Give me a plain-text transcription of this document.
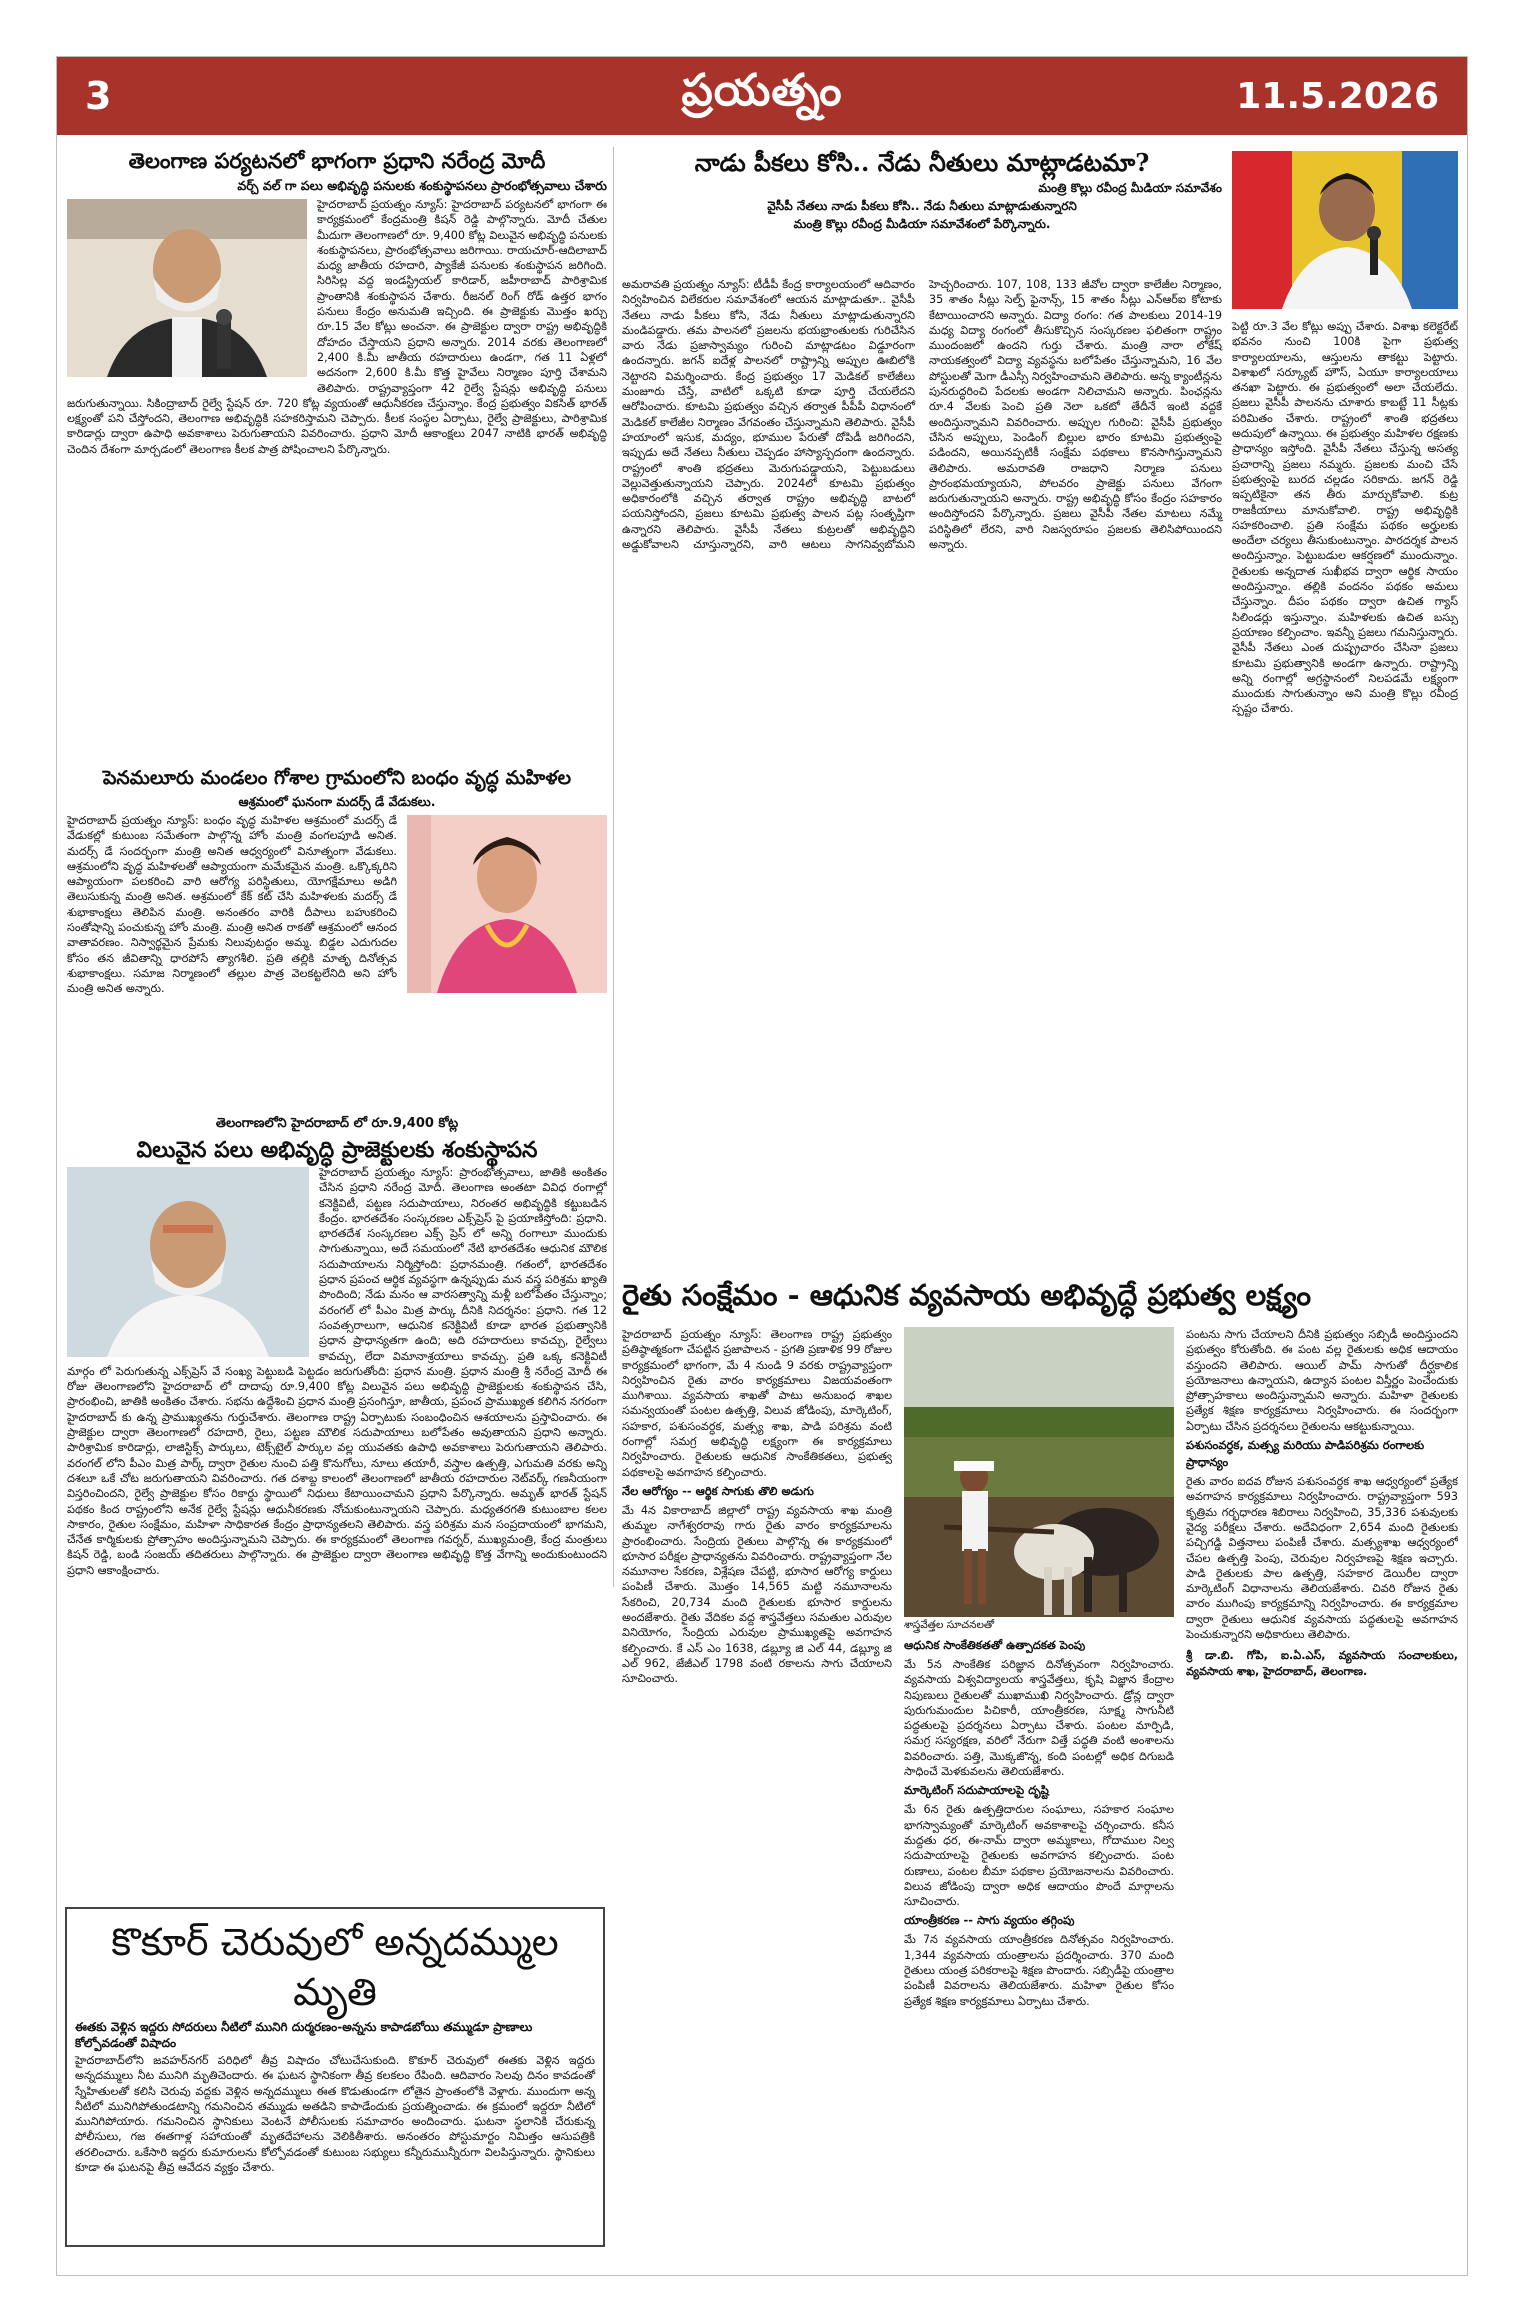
3	ప్రయత్నం	11.5.2026
తెలంగాణ పర్యటనలో భాగంగా ప్రధాని నరేంద్ర మోదీ
వర్చ్ వల్ గా పలు అభివృద్ధి పనులకు శంకుస్థాపనలు ప్రారంభోత్సవాలు చేశారు

హైదరాబాద్ ప్రయత్నం న్యూస్: హైదరాబాద్ పర్యటనలో భాగంగా ఈ కార్యక్రమంలో కేంద్రమంత్రి కిషన్ రెడ్డి పాల్గొన్నారు. మోదీ చేతుల మీదుగా తెలంగాణలో రూ. 9,400 కోట్ల విలువైన అభివృద్ధి పనులకు శంకుస్థాపనలు, ప్రారంభోత్సవాలు జరిగాయి. రాయచూర్‌-ఆదిలాబాద్‌ మధ్య జాతీయ రహదారి, ప్యాకేజీ పనులకు శంకుస్థాపన జరిగింది. సిరిసిల్ల వద్ద ఇండస్ట్రియల్ కారిడార్, జహీరాబాద్ పారిశ్రామిక ప్రాంతానికి శంకుస్థాపన చేశారు. రీజనల్ రింగ్ రోడ్ ఉత్తర భాగం పనులు కేంద్రం అనుమతి ఇచ్చింది. ఈ ప్రాజెక్టుకు మొత్తం ఖర్చు రూ.15 వేల కోట్లు అంచనా. ఈ ప్రాజెక్టుల ద్వారా రాష్ట్ర అభివృద్ధికి దోహదం చేస్తాయని ప్రధాని అన్నారు. 2014 వరకు తెలంగాణలో 2,400 కి.మీ జాతీయ రహదారులు ఉండగా, గత 11 ఏళ్లలో అదనంగా 2,600 కి.మీ కొత్త హైవేలు నిర్మాణం పూర్తి చేశామని తెలిపారు. రాష్ట్రవ్యాప్తంగా 42 రైల్వే స్టేషన్లు అభివృద్ధి పనులు జరుగుతున్నాయి. సికింద్రాబాద్ రైల్వే స్టేషన్ రూ. 720 కోట్ల వ్యయంతో ఆధునీకరణ చేస్తున్నాం. కేంద్ర ప్రభుత్వం వికసిత్ భారత్ లక్ష్యంతో పని చేస్తోందని, తెలంగాణ అభివృద్ధికి సహకరిస్తామని చెప్పారు. కీలక సంస్థల ఏర్పాటు, రైల్వే ప్రాజెక్టులు, పారిశ్రామిక కారిడార్లు ద్వారా ఉపాధి అవకాశాలు పెరుగుతాయని వివరించారు. ప్రధాని మోదీ ఆకాంక్షలు 2047 నాటికి భారత్ అభివృద్ధి చెందిన దేశంగా మార్చడంలో తెలంగాణ కీలక పాత్ర పోషించాలని పేర్కొన్నారు.

పెనమలూరు మండలం గోశాల గ్రామంలోని బంధం వృద్ధ మహిళల
ఆశ్రమంలో ఘనంగా మదర్స్ డే వేడుకలు.

హైదరాబాద్ ప్రయత్నం న్యూస్: బంధం వృద్ధ మహిళల ఆశ్రమంలో మదర్స్ డే వేడుకల్లో కుటుంబ సమేతంగా పాల్గొన్న హోం మంత్రి వంగలపూడి అనిత. మదర్స్ డే సందర్భంగా మంత్రి అనిత ఆధ్వర్యంలో వినూత్నంగా వేడుకలు. ఆశ్రమంలోని వృద్ధ మహిళలతో ఆప్యాయంగా మమేకమైన మంత్రి. ఒక్కొక్కరిని ఆప్యాయంగా పలకరించి వారి ఆరోగ్య పరిస్థితులు, యోగక్షేమాలు అడిగి తెలుసుకున్న మంత్రి అనిత. ఆశ్రమంలో కేక్ కట్ చేసి మహిళలకు మదర్స్ డే శుభాకాంక్షలు తెలిపిన మంత్రి. అనంతరం వారికి దీపాలు బహుకరించి సంతోషాన్ని పంచుకున్న హోం మంత్రి. మంత్రి అనిత రాకతో ఆశ్రమంలో ఆనంద వాతావరణం. నిస్వార్థమైన ప్రేమకు నిలువుటద్దం అమ్మ. బిడ్డల ఎదుగుదల కోసం తన జీవితాన్ని ధారపోసే త్యాగశీలి. ప్రతి తల్లికి మాతృ దినోత్సవ శుభాకాంక్షలు. సమాజ నిర్మాణంలో తల్లుల పాత్ర వెలకట్టలేనిది అని హోం మంత్రి అనిత అన్నారు.

తెలంగాణలోని హైదరాబాద్ లో రూ.9,400 కోట్ల
విలువైన పలు అభివృద్ధి ప్రాజెక్టులకు శంకుస్థాపన

హైదరాబాద్ ప్రయత్నం న్యూస్: ప్రారంభోత్సవాలు, జాతికి అంకితం చేసిన ప్రధాని నరేంద్ర మోదీ. తెలంగాణ అంతటా వివిధ రంగాల్లో కనెక్టివిటీ, పట్టణ సదుపాయాలు, నిరంతర అభివృద్ధికి కట్టుబడిన కేంద్రం. భారతదేశం సంస్కరణల ఎక్స్‌ప్రెస్ పై ప్రయాణిస్తోంది: ప్రధాని. భారతదేశ సంస్కరణల ఎక్స్ ప్రెస్ లో అన్ని రంగాలూ ముందుకు సాగుతున్నాయి, అదే సమయంలో నేటి భారతదేశం ఆధునిక మౌలిక సదుపాయాలను నిర్మిస్తోంది: ప్రధానమంత్రి. గతంలో, భారతదేశం ప్రధాన ప్రపంచ ఆర్థిక వ్యవస్థగా ఉన్నప్పుడు మన వస్త్ర పరిశ్రమ ఖ్యాతి పొందింది; నేడు మనం ఆ వారసత్వాన్ని మళ్లీ బలోపేతం చేస్తున్నాం; వరంగల్ లో పీఎం మిత్ర పార్కు దీనికి నిదర్శనం: ప్రధాని. గత 12 సంవత్సరాలుగా, ఆధునిక కనెక్టివిటీ కూడా భారత ప్రభుత్వానికి ప్రధాన ప్రాధాన్యతగా ఉంది; అది రహదారులు కావచ్చు, రైల్వేలు కావచ్చు, లేదా విమానాశ్రయాలు కావచ్చు. ప్రతి ఒక్క కనెక్టివిటీ మార్గం లో పెరుగుతున్న ఎక్స్‌ప్రెస్ వే సంఖ్య పెట్టుబడి పెట్టడం జరుగుతోంది: ప్రధాన మంత్రి. ప్రధాన మంత్రి శ్రీ నరేంద్ర మోదీ ఈ రోజు తెలంగాణలోని హైదరాబాద్ లో దాదాపు రూ.9,400 కోట్ల విలువైన పలు అభివృద్ధి ప్రాజెక్టులకు శంకుస్థాపన చేసి, ప్రారంభించి, జాతికి అంకితం చేశారు. సభను ఉద్దేశించి ప్రధాన మంత్రి ప్రసంగిస్తూ, జాతీయ, ప్రపంచ ప్రాముఖ్యత కలిగిన నగరంగా హైదరాబాద్ కు ఉన్న ప్రాముఖ్యతను గుర్తుచేశారు. తెలంగాణ రాష్ట్ర ఏర్పాటుకు సంబంధించిన ఆశయాలను ప్రస్తావించారు. ఈ ప్రాజెక్టుల ద్వారా తెలంగాణలో రహదారి, రైలు, పట్టణ మౌలిక సదుపాయాలు బలోపేతం అవుతాయని ప్రధాని అన్నారు. పారిశ్రామిక కారిడార్లు, లాజిస్టిక్స్ పార్కులు, టెక్స్‌టైల్ పార్కుల వల్ల యువతకు ఉపాధి అవకాశాలు పెరుగుతాయని తెలిపారు. వరంగల్ లోని పీఎం మిత్ర పార్క్ ద్వారా రైతుల నుంచి పత్తి కొనుగోలు, నూలు తయారీ, వస్త్రాల ఉత్పత్తి, ఎగుమతి వరకు అన్ని దశలూ ఒకే చోట జరుగుతాయని వివరించారు. గత దశాబ్ద కాలంలో తెలంగాణలో జాతీయ రహదారుల నెట్‌వర్క్ గణనీయంగా విస్తరించిందని, రైల్వే ప్రాజెక్టుల కోసం రికార్డు స్థాయిలో నిధులు కేటాయించామని ప్రధాని పేర్కొన్నారు. అమృత్ భారత్ స్టేషన్ పథకం కింద రాష్ట్రంలోని అనేక రైల్వే స్టేషన్లు ఆధునీకరణకు నోచుకుంటున్నాయని చెప్పారు. మధ్యతరగతి కుటుంబాల కలల సాకారం, రైతుల సంక్షేమం, మహిళా సాధికారత కేంద్రం ప్రాధాన్యతలని తెలిపారు. వస్త్ర పరిశ్రమ మన సంప్రదాయంలో భాగమని, చేనేత కార్మికులకు ప్రోత్సాహం అందిస్తున్నామని చెప్పారు. ఈ కార్యక్రమంలో తెలంగాణ గవర్నర్, ముఖ్యమంత్రి, కేంద్ర మంత్రులు కిషన్ రెడ్డి, బండి సంజయ్ తదితరులు పాల్గొన్నారు. ఈ ప్రాజెక్టుల ద్వారా తెలంగాణ అభివృద్ధి కొత్త వేగాన్ని అందుకుంటుందని ప్రధాని ఆకాంక్షించారు.

నాడు పీకలు కోసి.. నేడు నీతులు మాట్లాడటమా?
మంత్రి కొల్లు రవీంద్ర మీడియా సమావేశం
వైసీపీ నేతలు నాడు పీకలు కోసి.. నేడు నీతులు మాట్లాడుతున్నారని
మంత్రి కొల్లు రవీంద్ర మీడియా సమావేశంలో పేర్కొన్నారు.

అమరావతి ప్రయత్నం న్యూస్: టీడీపీ కేంద్ర కార్యాలయంలో ఆదివారం నిర్వహించిన విలేకరుల సమావేశంలో ఆయన మాట్లాడుతూ.. వైసీపీ నేతలు నాడు పీకలు కోసి, నేడు నీతులు మాట్లాడుతున్నారని మండిపడ్డారు. తమ పాలనలో ప్రజలను భయభ్రాంతులకు గురిచేసిన వారు నేడు ప్రజాస్వామ్యం గురించి మాట్లాడటం విడ్డూరంగా ఉందన్నారు. జగన్ ఐదేళ్ల పాలనలో రాష్ట్రాన్ని అప్పుల ఊబిలోకి నెట్టారని విమర్శించారు. కేంద్ర ప్రభుత్వం 17 మెడికల్ కాలేజీలు మంజూరు చేస్తే, వాటిలో ఒక్కటి కూడా పూర్తి చేయలేదని ఆరోపించారు. కూటమి ప్రభుత్వం వచ్చిన తర్వాత పీపీపీ విధానంలో మెడికల్ కాలేజీల నిర్మాణం వేగవంతం చేస్తున్నామని తెలిపారు. వైసీపీ హయాంలో ఇసుక, మద్యం, భూముల పేరుతో దోపిడీ జరిగిందని, ఇప్పుడు అదే నేతలు నీతులు చెప్పడం హాస్యాస్పదంగా ఉందన్నారు. రాష్ట్రంలో శాంతి భద్రతలు మెరుగుపడ్డాయని, పెట్టుబడులు వెల్లువెత్తుతున్నాయని చెప్పారు. 2024లో కూటమి ప్రభుత్వం అధికారంలోకి వచ్చిన తర్వాత రాష్ట్రం అభివృద్ధి బాటలో పయనిస్తోందని, ప్రజలు కూటమి ప్రభుత్వ పాలన పట్ల సంతృప్తిగా ఉన్నారని తెలిపారు. వైసీపీ నేతలు కుట్రలతో అభివృద్ధిని అడ్డుకోవాలని చూస్తున్నారని, వారి ఆటలు సాగనివ్వబోమని హెచ్చరించారు. 107, 108, 133 జీవోల ద్వారా కాలేజీల నిర్మాణం, 35 శాతం సీట్లు సెల్ఫ్ ఫైనాన్స్, 15 శాతం సీట్లు ఎన్ఆర్ఐ కోటాకు కేటాయించారని అన్నారు. విద్యా రంగం: గత పాలకులు 2014-19 మధ్య విద్యా రంగంలో తీసుకొచ్చిన సంస్కరణల ఫలితంగా రాష్ట్రం ముందంజలో ఉందని గుర్తు చేశారు. మంత్రి నారా లోకేష్ నాయకత్వంలో విద్యా వ్యవస్థను బలోపేతం చేస్తున్నామని, 16 వేల పోస్టులతో మెగా డీఎస్సీ నిర్వహించామని తెలిపారు. అన్న క్యాంటీన్లను పునరుద్ధరించి పేదలకు అండగా నిలిచామని అన్నారు. పింఛన్లను రూ.4 వేలకు పెంచి ప్రతి నెలా ఒకటో తేదీనే ఇంటి వద్దకే అందిస్తున్నామని వివరించారు. అప్పుల గురించి: వైసీపీ ప్రభుత్వం చేసిన అప్పులు, పెండింగ్ బిల్లుల భారం కూటమి ప్రభుత్వంపై పడిందని, అయినప్పటికీ సంక్షేమ పథకాలు కొనసాగిస్తున్నామని తెలిపారు. అమరావతి రాజధాని నిర్మాణ పనులు ప్రారంభమయ్యాయని, పోలవరం ప్రాజెక్టు పనులు వేగంగా జరుగుతున్నాయని అన్నారు. రాష్ట్ర అభివృద్ధి కోసం కేంద్రం సహకారం అందిస్తోందని పేర్కొన్నారు. ప్రజలు వైసీపీ నేతల మాటలు నమ్మే పరిస్థితిలో లేరని, వారి నిజస్వరూపం ప్రజలకు తెలిసిపోయిందని అన్నారు.

పెట్టి రూ.3 వేల కోట్లు అప్పు చేశారు. విశాఖ కలెక్టరేట్ భవనం నుంచి 100కి పైగా ప్రభుత్వ కార్యాలయాలను, ఆస్తులను తాకట్టు పెట్టారు. విశాఖలో సర్క్యూట్ హౌస్, ఏయూ కార్యాలయాలు తనఖా పెట్టారు. ఈ ప్రభుత్వంలో అలా చేయలేదు. ప్రజలు వైసీపీ పాలనను చూశారు కాబట్టే 11 సీట్లకు పరిమితం చేశారు. రాష్ట్రంలో శాంతి భద్రతలు అదుపులో ఉన్నాయి. ఈ ప్రభుత్వం మహిళల రక్షణకు ప్రాధాన్యం ఇస్తోంది. వైసీపీ నేతలు చేస్తున్న అసత్య ప్రచారాన్ని ప్రజలు నమ్మరు. ప్రజలకు మంచి చేసే ప్రభుత్వంపై బురద చల్లడం సరికాదు. జగన్ రెడ్డి ఇప్పటికైనా తన తీరు మార్చుకోవాలి. కుట్ర రాజకీయాలు మానుకోవాలి. రాష్ట్ర అభివృద్ధికి సహకరించాలి. ప్రతి సంక్షేమ పథకం అర్హులకు అందేలా చర్యలు తీసుకుంటున్నాం. పారదర్శక పాలన అందిస్తున్నాం. పెట్టుబడుల ఆకర్షణలో ముందున్నాం. రైతులకు అన్నదాత సుఖీభవ ద్వారా ఆర్థిక సాయం అందిస్తున్నాం. తల్లికి వందనం పథకం అమలు చేస్తున్నాం. దీపం పథకం ద్వారా ఉచిత గ్యాస్ సిలిండర్లు ఇస్తున్నాం. మహిళలకు ఉచిత బస్సు ప్రయాణం కల్పించాం. ఇవన్నీ ప్రజలు గమనిస్తున్నారు. వైసీపీ నేతలు ఎంత దుష్ప్రచారం చేసినా ప్రజలు కూటమి ప్రభుత్వానికి అండగా ఉన్నారు. రాష్ట్రాన్ని అన్ని రంగాల్లో అగ్రస్థానంలో నిలపడమే లక్ష్యంగా ముందుకు సాగుతున్నాం అని మంత్రి కొల్లు రవీంద్ర స్పష్టం చేశారు.

రైతు సంక్షేమం - ఆధునిక వ్యవసాయ అభివృద్ధే ప్రభుత్వ లక్ష్యం

హైదరాబాద్ ప్రయత్నం న్యూస్: తెలంగాణ రాష్ట్ర ప్రభుత్వం ప్రతిష్ఠాత్మకంగా చేపట్టిన ప్రజాపాలన - ప్రగతి ప్రణాళిక 99 రోజుల కార్యక్రమంలో భాగంగా, మే 4 నుండి 9 వరకు రాష్ట్రవ్యాప్తంగా నిర్వహించిన రైతు వారం కార్యక్రమాలు విజయవంతంగా ముగిశాయి. వ్యవసాయ శాఖతో పాటు అనుబంధ శాఖల సమన్వయంతో పంటల ఉత్పత్తి, విలువ జోడింపు, మార్కెటింగ్, సహకార, పశుసంవర్ధక, మత్స్య శాఖ, పాడి పరిశ్రమ వంటి రంగాల్లో సమగ్ర అభివృద్ధి లక్ష్యంగా ఈ కార్యక్రమాలు నిర్వహించారు. రైతులకు ఆధునిక సాంకేతికతలు, ప్రభుత్వ పథకాలపై అవగాహన కల్పించారు.

నేల ఆరోగ్యం -- ఆర్థిక సాగుకు తొలి అడుగు

మే 4న వికారాబాద్ జిల్లాలో రాష్ట్ర వ్యవసాయ శాఖ మంత్రి తుమ్మల నాగేశ్వరరావు గారు రైతు వారం కార్యక్రమాలను ప్రారంభించారు. సేంద్రియ రైతులు పాల్గొన్న ఈ కార్యక్రమంలో భూసార పరీక్షల ప్రాధాన్యతను వివరించారు. రాష్ట్రవ్యాప్తంగా నేల నమూనాల సేకరణ, విశ్లేషణ చేపట్టి, భూసార ఆరోగ్య కార్డులు పంపిణీ చేశారు. మొత్తం 14,565 మట్టి నమూనాలను సేకరించి, 20,734 మంది రైతులకు భూసార కార్డులను అందజేశారు. రైతు వేదికల వద్ద శాస్త్రవేత్తలు సమతుల ఎరువుల వినియోగం, సేంద్రియ ఎరువుల ప్రాముఖ్యతపై అవగాహన కల్పించారు. కే ఎస్ ఎం 1638, డబ్ల్యూ జి ఎల్ 44, డబ్ల్యూ జి ఎల్ 962, జేజీఎల్ 1798 వంటి రకాలను సాగు చేయాలని సూచించారు.

శాస్త్రవేత్తల సూచనలతో
ఆధునిక సాంకేతికతతో ఉత్పాదకత పెంపు

మే 5న సాంకేతిక పరిజ్ఞాన దినోత్సవంగా నిర్వహించారు. వ్యవసాయ విశ్వవిద్యాలయ శాస్త్రవేత్తలు, కృషి విజ్ఞాన కేంద్రాల నిపుణులు రైతులతో ముఖాముఖి నిర్వహించారు. డ్రోన్ల ద్వారా పురుగుమందుల పిచికారీ, యాంత్రీకరణ, సూక్ష్మ సాగునీటి పద్ధతులపై ప్రదర్శనలు ఏర్పాటు చేశారు. పంటల మార్పిడి, సమగ్ర సస్యరక్షణ, వరిలో నేరుగా విత్తే పద్ధతి వంటి అంశాలను వివరించారు. పత్తి, మొక్కజొన్న, కంది పంటల్లో అధిక దిగుబడి సాధించే మెళకువలను తెలియజేశారు.

మార్కెటింగ్ సదుపాయాలపై దృష్టి

మే 6న రైతు ఉత్పత్తిదారుల సంఘాలు, సహకార సంఘాల భాగస్వామ్యంతో మార్కెటింగ్ అవకాశాలపై చర్చించారు. కనీస మద్దతు ధర, ఈ-నామ్ ద్వారా అమ్మకాలు, గోదాముల నిల్వ సదుపాయాలపై రైతులకు అవగాహన కల్పించారు. పంట రుణాలు, పంటల బీమా పథకాల ప్రయోజనాలను వివరించారు. విలువ జోడింపు ద్వారా అధిక ఆదాయం పొందే మార్గాలను సూచించారు.

యాంత్రీకరణ -- సాగు వ్యయం తగ్గింపు

మే 7న వ్యవసాయ యాంత్రీకరణ దినోత్సవం నిర్వహించారు. 1,344 వ్యవసాయ యంత్రాలను ప్రదర్శించారు. 370 మంది రైతులు యంత్ర పరికరాలపై శిక్షణ పొందారు. సబ్సిడీపై యంత్రాల పంపిణీ వివరాలను తెలియజేశారు. మహిళా రైతుల కోసం ప్రత్యేక శిక్షణ కార్యక్రమాలు ఏర్పాటు చేశారు.

పంటను సాగు చేయాలని దీనికి ప్రభుత్వం సబ్సిడీ అందిస్తుందని ప్రభుత్వం కోరుతోంది. ఈ పంట వల్ల రైతులకు అధిక ఆదాయం వస్తుందని తెలిపారు. ఆయిల్ పామ్ సాగుతో దీర్ఘకాలిక ప్రయోజనాలు ఉన్నాయని, ఉద్యాన పంటల విస్తీర్ణం పెంచేందుకు ప్రోత్సాహకాలు అందిస్తున్నామని అన్నారు. మహిళా రైతులకు ప్రత్యేక శిక్షణ కార్యక్రమాలు నిర్వహించారు. ఈ సందర్భంగా ఏర్పాటు చేసిన ప్రదర్శనలు రైతులను ఆకట్టుకున్నాయి.

పశుసంవర్ధక, మత్స్య మరియు పాడిపరిశ్రమ రంగాలకు ప్రాధాన్యం

రైతు వారం ఐదవ రోజున పశుసంవర్ధక శాఖ ఆధ్వర్యంలో ప్రత్యేక అవగాహన కార్యక్రమాలు నిర్వహించారు. రాష్ట్రవ్యాప్తంగా 593 కృత్రిమ గర్భధారణ శిబిరాలు నిర్వహించి, 35,336 పశువులకు వైద్య పరీక్షలు చేశారు. అదేవిధంగా 2,654 మంది రైతులకు పచ్చిగడ్డి విత్తనాలు పంపిణీ చేశారు. మత్స్యశాఖ ఆధ్వర్యంలో చేపల ఉత్పత్తి పెంపు, చెరువుల నిర్వహణపై శిక్షణ ఇచ్చారు. పాడి రైతులకు పాల ఉత్పత్తి, సహకార డెయిరీల ద్వారా మార్కెటింగ్ విధానాలను తెలియజేశారు. చివరి రోజున రైతు వారం ముగింపు కార్యక్రమాన్ని నిర్వహించారు. ఈ కార్యక్రమాల ద్వారా రైతులు ఆధునిక వ్యవసాయ పద్ధతులపై అవగాహన పెంచుకున్నారని అధికారులు తెలిపారు.

శ్రీ డా.బి. గోపి, ఐ.ఏ.ఎస్, వ్యవసాయ సంచాలకులు, వ్యవసాయ శాఖ, హైదరాబాద్, తెలంగాణ.

కొకూర్ చెరువులో అన్నదమ్ముల మృతి
ఈతకు వెళ్లిన ఇద్దరు సోదరులు నీటిలో మునిగి దుర్మరణం-అన్నను కాపాడబోయి తమ్ముడూ ప్రాణాలు కోల్పోవడంతో విషాదం

హైదరాబాద్‌లోని జవహర్‌నగర్ పరిధిలో తీవ్ర విషాదం చోటుచేసుకుంది. కొకూర్ చెరువులో ఈతకు వెళ్లిన ఇద్దరు అన్నదమ్ములు నీట మునిగి మృతిచెందారు. ఈ ఘటన స్థానికంగా తీవ్ర కలకలం రేపింది. ఆదివారం సెలవు దినం కావడంతో స్నేహితులతో కలిసి చెరువు వద్దకు వెళ్లిన అన్నదమ్ములు ఈత కొడుతుండగా లోతైన ప్రాంతంలోకి వెళ్లారు. ముందుగా అన్న నీటిలో మునిగిపోతుండటాన్ని గమనించిన తమ్ముడు అతడిని కాపాడేందుకు ప్రయత్నించాడు. ఈ క్రమంలో ఇద్దరూ నీటిలో మునిగిపోయారు. గమనించిన స్థానికులు వెంటనే పోలీసులకు సమాచారం అందించారు. ఘటనా స్థలానికి చేరుకున్న పోలీసులు, గజ ఈతగాళ్ల సహాయంతో మృతదేహాలను వెలికితీశారు. అనంతరం పోస్టుమార్టం నిమిత్తం ఆసుపత్రికి తరలించారు. ఒకేసారి ఇద్దరు కుమారులను కోల్పోవడంతో కుటుంబ సభ్యులు కన్నీరుమున్నీరుగా విలపిస్తున్నారు. స్థానికులు కూడా ఈ ఘటనపై తీవ్ర ఆవేదన వ్యక్తం చేశారు.
